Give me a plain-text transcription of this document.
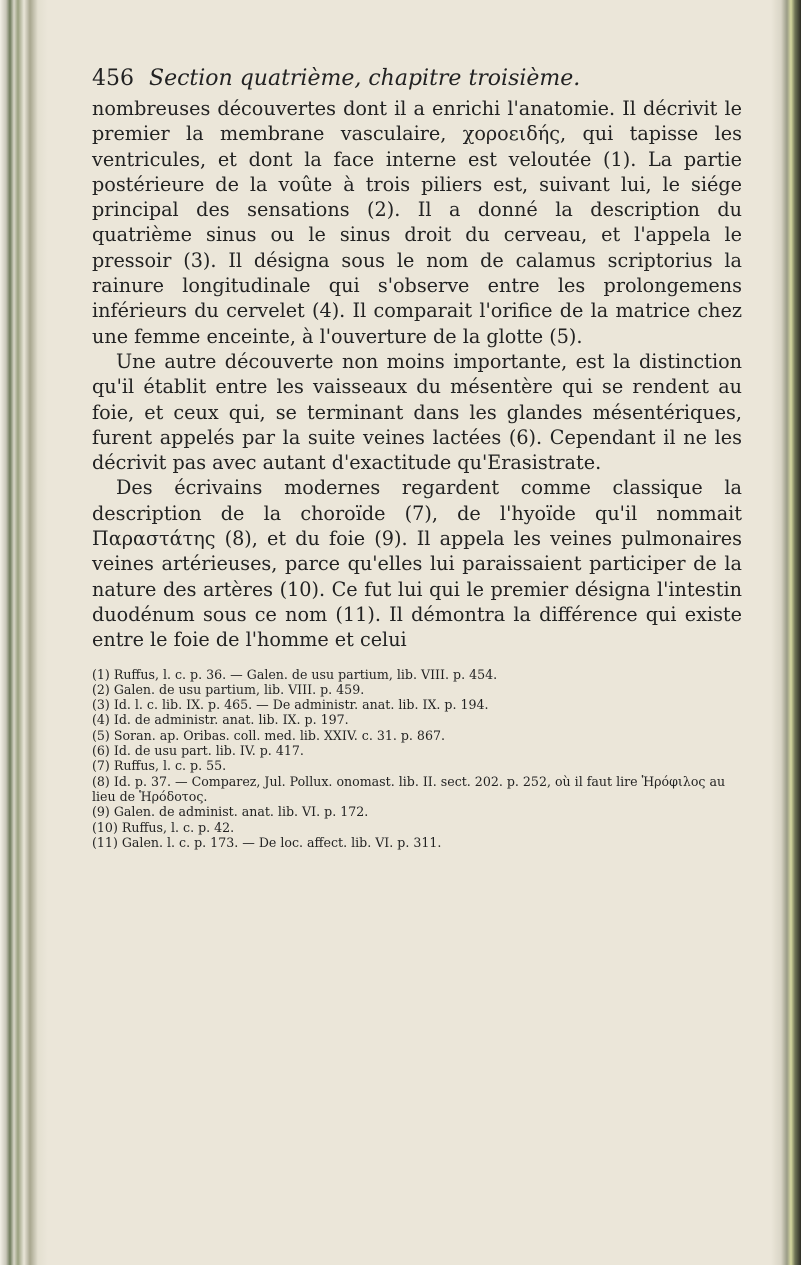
456 Section quatrième, chapitre troisième.

nombreuses découvertes dont il a enrichi l'anatomie. Il décrivit le premier la membrane vasculaire, χοροειδής, qui tapisse les ventricules, et dont la face interne est veloutée (1). La partie postérieure de la voûte à trois piliers est, suivant lui, le siége principal des sensations (2). Il a donné la description du quatrième sinus ou le sinus droit du cerveau, et l'appela le pressoir (3). Il désigna sous le nom de calamus scriptorius la rainure longitudinale qui s'observe entre les prolongemens inférieurs du cervelet (4). Il comparait l'orifice de la matrice chez une femme enceinte, à l'ouverture de la glotte (5).

Une autre découverte non moins importante, est la distinction qu'il établit entre les vaisseaux du mésentère qui se rendent au foie, et ceux qui, se terminant dans les glandes mésentériques, furent appelés par la suite veines lactées (6). Cependant il ne les décrivit pas avec autant d'exactitude qu'Erasistrate.

Des écrivains modernes regardent comme classique la description de la choroïde (7), de l'hyoïde qu'il nommait Παραστάτης (8), et du foie (9). Il appela les veines pulmonaires veines artérieuses, parce qu'elles lui paraissaient participer de la nature des artères (10). Ce fut lui qui le premier désigna l'intestin duodénum sous ce nom (11). Il démontra la différence qui existe entre le foie de l'homme et celui

(1) Ruffus, l. c. p. 36. — Galen. de usu partium, lib. VIII. p. 454.
(2) Galen. de usu partium, lib. VIII. p. 459.
(3) Id. l. c. lib. IX. p. 465. — De administr. anat. lib. IX. p. 194.
(4) Id. de administr. anat. lib. IX. p. 197.
(5) Soran. ap. Oribas. coll. med. lib. XXIV. c. 31. p. 867.
(6) Id. de usu part. lib. IV. p. 417.
(7) Ruffus, l. c. p. 55.
(8) Id. p. 37. — Comparez, Jul. Pollux. onomast. lib. II. sect. 202. p. 252, où il faut lire Ἡρόφιλος au lieu de Ἡρόδοτος.
(9) Galen. de administ. anat. lib. VI. p. 172.
(10) Ruffus, l. c. p. 42.
(11) Galen. l. c. p. 173. — De loc. affect. lib. VI. p. 311.
